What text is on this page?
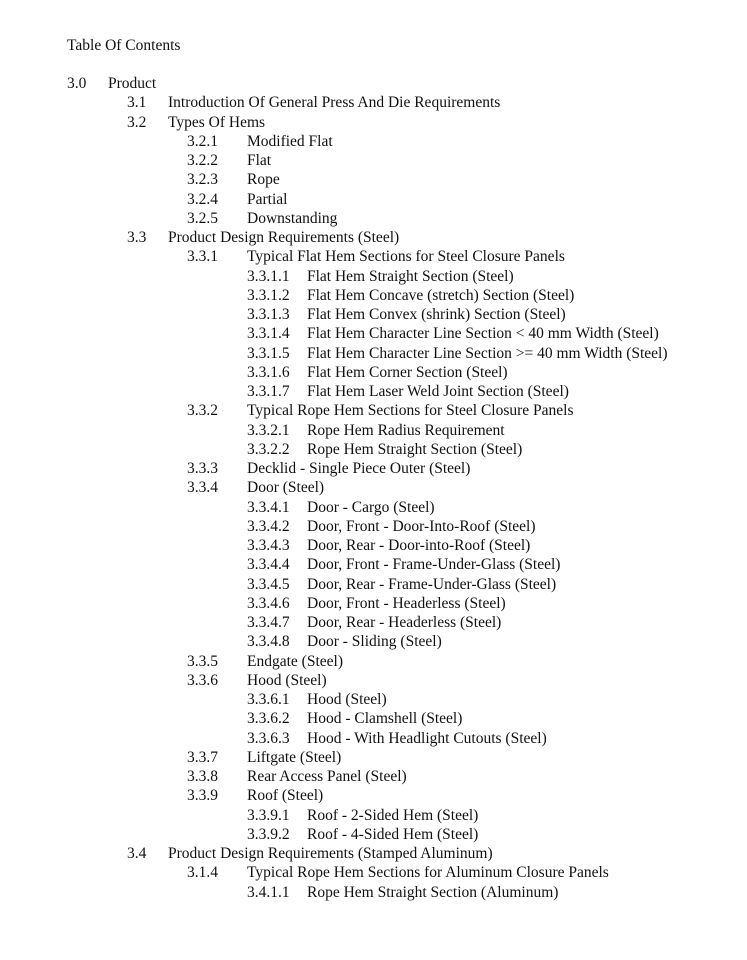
Table Of Contents
3.0 Product
3.1 Introduction Of General Press And Die Requirements
3.2 Types Of Hems
3.2.1 Modified Flat
3.2.2 Flat
3.2.3 Rope
3.2.4 Partial
3.2.5 Downstanding
3.3 Product Design Requirements (Steel)
3.3.1 Typical Flat Hem Sections for Steel Closure Panels
3.3.1.1 Flat Hem Straight Section (Steel)
3.3.1.2 Flat Hem Concave (stretch) Section (Steel)
3.3.1.3 Flat Hem Convex (shrink) Section (Steel)
3.3.1.4 Flat Hem Character Line Section < 40 mm Width (Steel)
3.3.1.5 Flat Hem Character Line Section >= 40 mm Width (Steel)
3.3.1.6 Flat Hem Corner Section (Steel)
3.3.1.7 Flat Hem Laser Weld Joint Section (Steel)
3.3.2 Typical Rope Hem Sections for Steel Closure Panels
3.3.2.1 Rope Hem Radius Requirement
3.3.2.2 Rope Hem Straight Section (Steel)
3.3.3 Decklid - Single Piece Outer (Steel)
3.3.4 Door (Steel)
3.3.4.1 Door - Cargo (Steel)
3.3.4.2 Door, Front - Door-Into-Roof (Steel)
3.3.4.3 Door, Rear - Door-into-Roof (Steel)
3.3.4.4 Door, Front - Frame-Under-Glass (Steel)
3.3.4.5 Door, Rear - Frame-Under-Glass (Steel)
3.3.4.6 Door, Front - Headerless (Steel)
3.3.4.7 Door, Rear - Headerless (Steel)
3.3.4.8 Door - Sliding (Steel)
3.3.5 Endgate (Steel)
3.3.6 Hood (Steel)
3.3.6.1 Hood (Steel)
3.3.6.2 Hood - Clamshell (Steel)
3.3.6.3 Hood - With Headlight Cutouts (Steel)
3.3.7 Liftgate (Steel)
3.3.8 Rear Access Panel (Steel)
3.3.9 Roof (Steel)
3.3.9.1 Roof - 2-Sided Hem (Steel)
3.3.9.2 Roof - 4-Sided Hem (Steel)
3.4 Product Design Requirements (Stamped Aluminum)
3.1.4 Typical Rope Hem Sections for Aluminum Closure Panels
3.4.1.1 Rope Hem Straight Section (Aluminum)
